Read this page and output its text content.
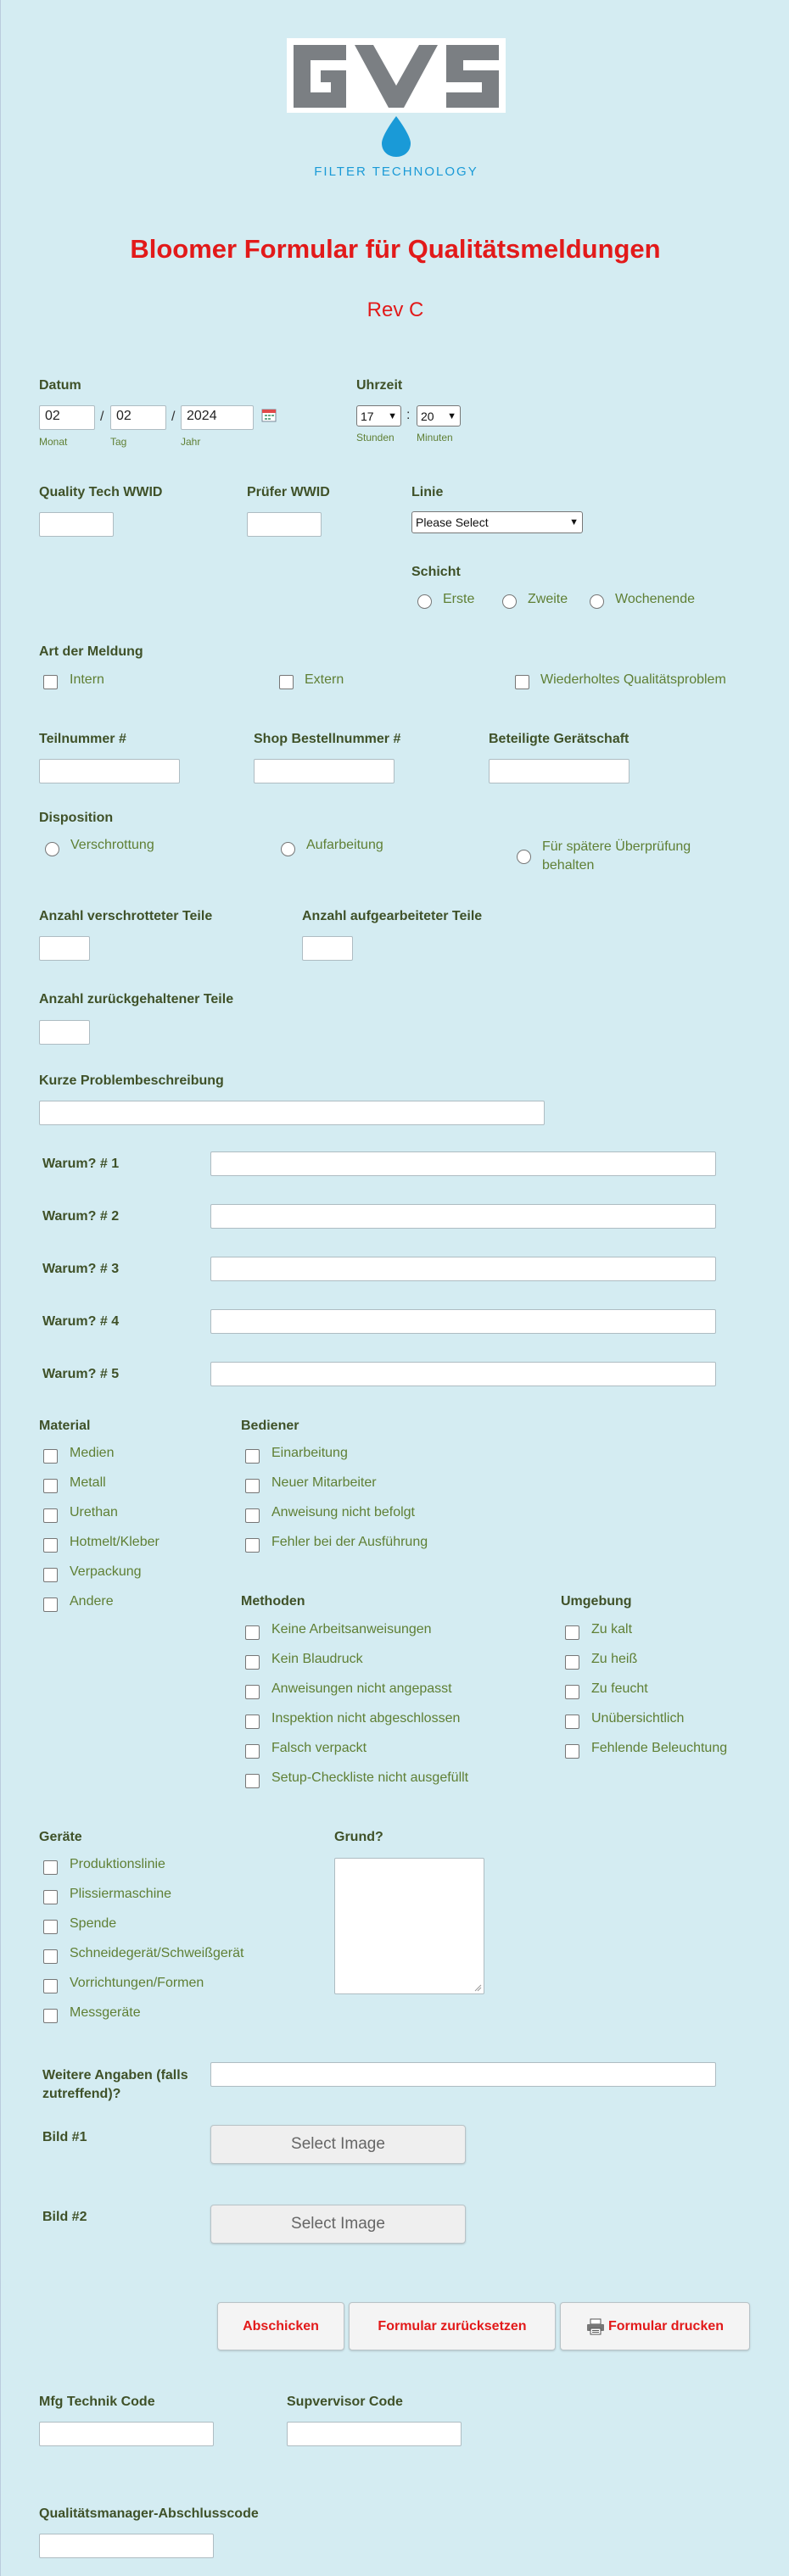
FILTER TECHNOLOGY
Bloomer Formular für Qualitätsmeldungen
Rev C
Datum
02	/ 02	/ 2024
Monat	Tag	Jahr
Uhrzeit
17 ▼ : 20 ▼
Stunden Minuten
Quality Tech WWID	Prüfer WWID	Linie
Please Select	▼
Schicht
Erste	Zweite	Wochenende
Art der Meldung
Intern	Extern	Wiederholtes Qualitätsproblem
Teilnummer #	Shop Bestellnummer #	Beteiligte Gerätschaft
Disposition
Verschrottung	Aufarbeitung	Für spätere Überprüfung behalten
Anzahl verschrotteter Teile	Anzahl aufgearbeiteter Teile
Anzahl zurückgehaltener Teile
Kurze Problembeschreibung
Warum? # 1
Warum? # 2
Warum? # 3
Warum? # 4
Warum? # 5
Material
Medien
Metall
Urethan
Hotmelt/Kleber
Verpackung
Andere
Bediener
Einarbeitung
Neuer Mitarbeiter
Anweisung nicht befolgt
Fehler bei der Ausführung
Methoden
Keine Arbeitsanweisungen
Kein Blaudruck
Anweisungen nicht angepasst
Inspektion nicht abgeschlossen
Falsch verpackt
Setup-Checkliste nicht ausgefüllt
Umgebung
Zu kalt
Zu heiß
Zu feucht
Unübersichtlich
Fehlende Beleuchtung
Geräte
Produktionslinie
Plissiermaschine
Spende
Schneidegerät/Schweißgerät
Vorrichtungen/Formen
Messgeräte
Grund?
Weitere Angaben (falls
zutreffend)?
Bild #1	Select Image
Bild #2	Select Image
Abschicken	Formular zurücksetzen	Formular drucken
Mfg Technik Code	Supvervisor Code
Qualitätsmanager-Abschlusscode
